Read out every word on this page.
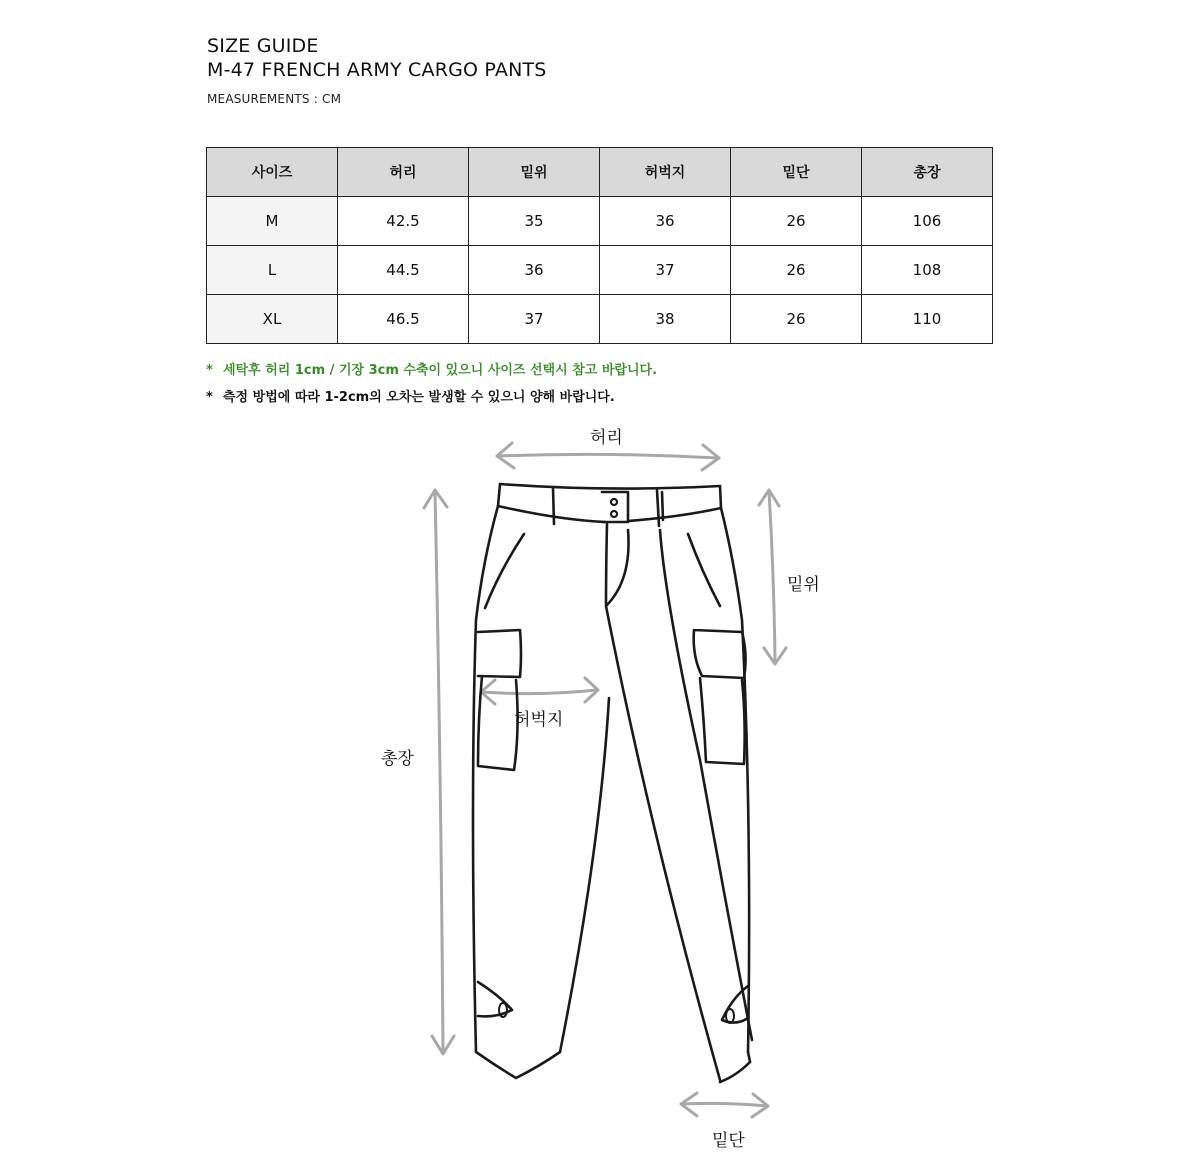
SIZE GUIDE
M-47 FRENCH ARMY CARGO PANTS
MEASUREMENTS : CM
사이즈	허리	밑위	허벅지	밑단	총장
M	42.5	35	36	26	106
L	44.5	36	37	26	108
XL	46.5	37	38	26	110
* 세탁후 허리 1cm / 기장 3cm 수축이 있으니 사이즈 선택시 참고 바랍니다.
* 측정 방법에 따라 1-2cm의 오차는 발생할 수 있으니 양해 바랍니다.
허리
밑위
허벅지
총장
밑단
